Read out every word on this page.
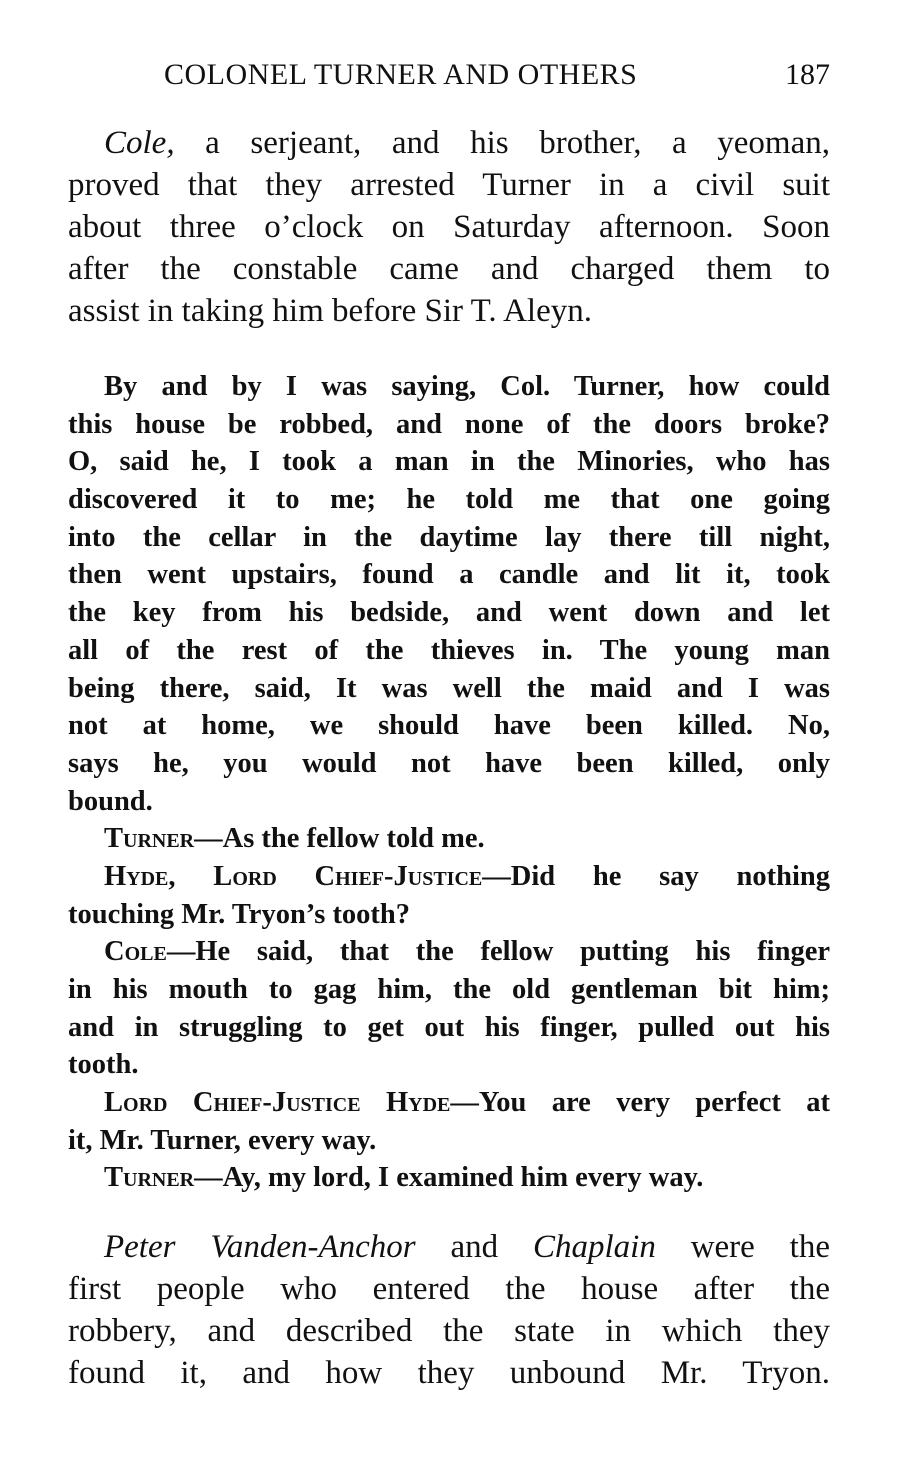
COLONEL TURNER AND OTHERS	187
Cole, a serjeant, and his brother, a yeoman,
proved that they arrested Turner in a civil suit
about three o’clock on Saturday afternoon. Soon
after the constable came and charged them to
assist in taking him before Sir T. Aleyn.
By and by I was saying, Col. Turner, how could
this house be robbed, and none of the doors broke?
O, said he, I took a man in the Minories, who has
discovered it to me; he told me that one going
into the cellar in the daytime lay there till night,
then went upstairs, found a candle and lit it, took
the key from his bedside, and went down and let
all of the rest of the thieves in. The young man
being there, said, It was well the maid and I was
not at home, we should have been killed. No,
says he, you would not have been killed, only
bound.
Turner—As the fellow told me.
Hyde, Lord Chief-Justice—Did he say nothing
touching Mr. Tryon’s tooth?
Cole—He said, that the fellow putting his finger
in his mouth to gag him, the old gentleman bit him;
and in struggling to get out his finger, pulled out his
tooth.
Lord Chief-Justice Hyde—You are very perfect at
it, Mr. Turner, every way.
Turner—Ay, my lord, I examined him every way.
Peter Vanden-Anchor and Chaplain were the
first people who entered the house after the
robbery, and described the state in which they
found it, and how they unbound Mr. Tryon.
